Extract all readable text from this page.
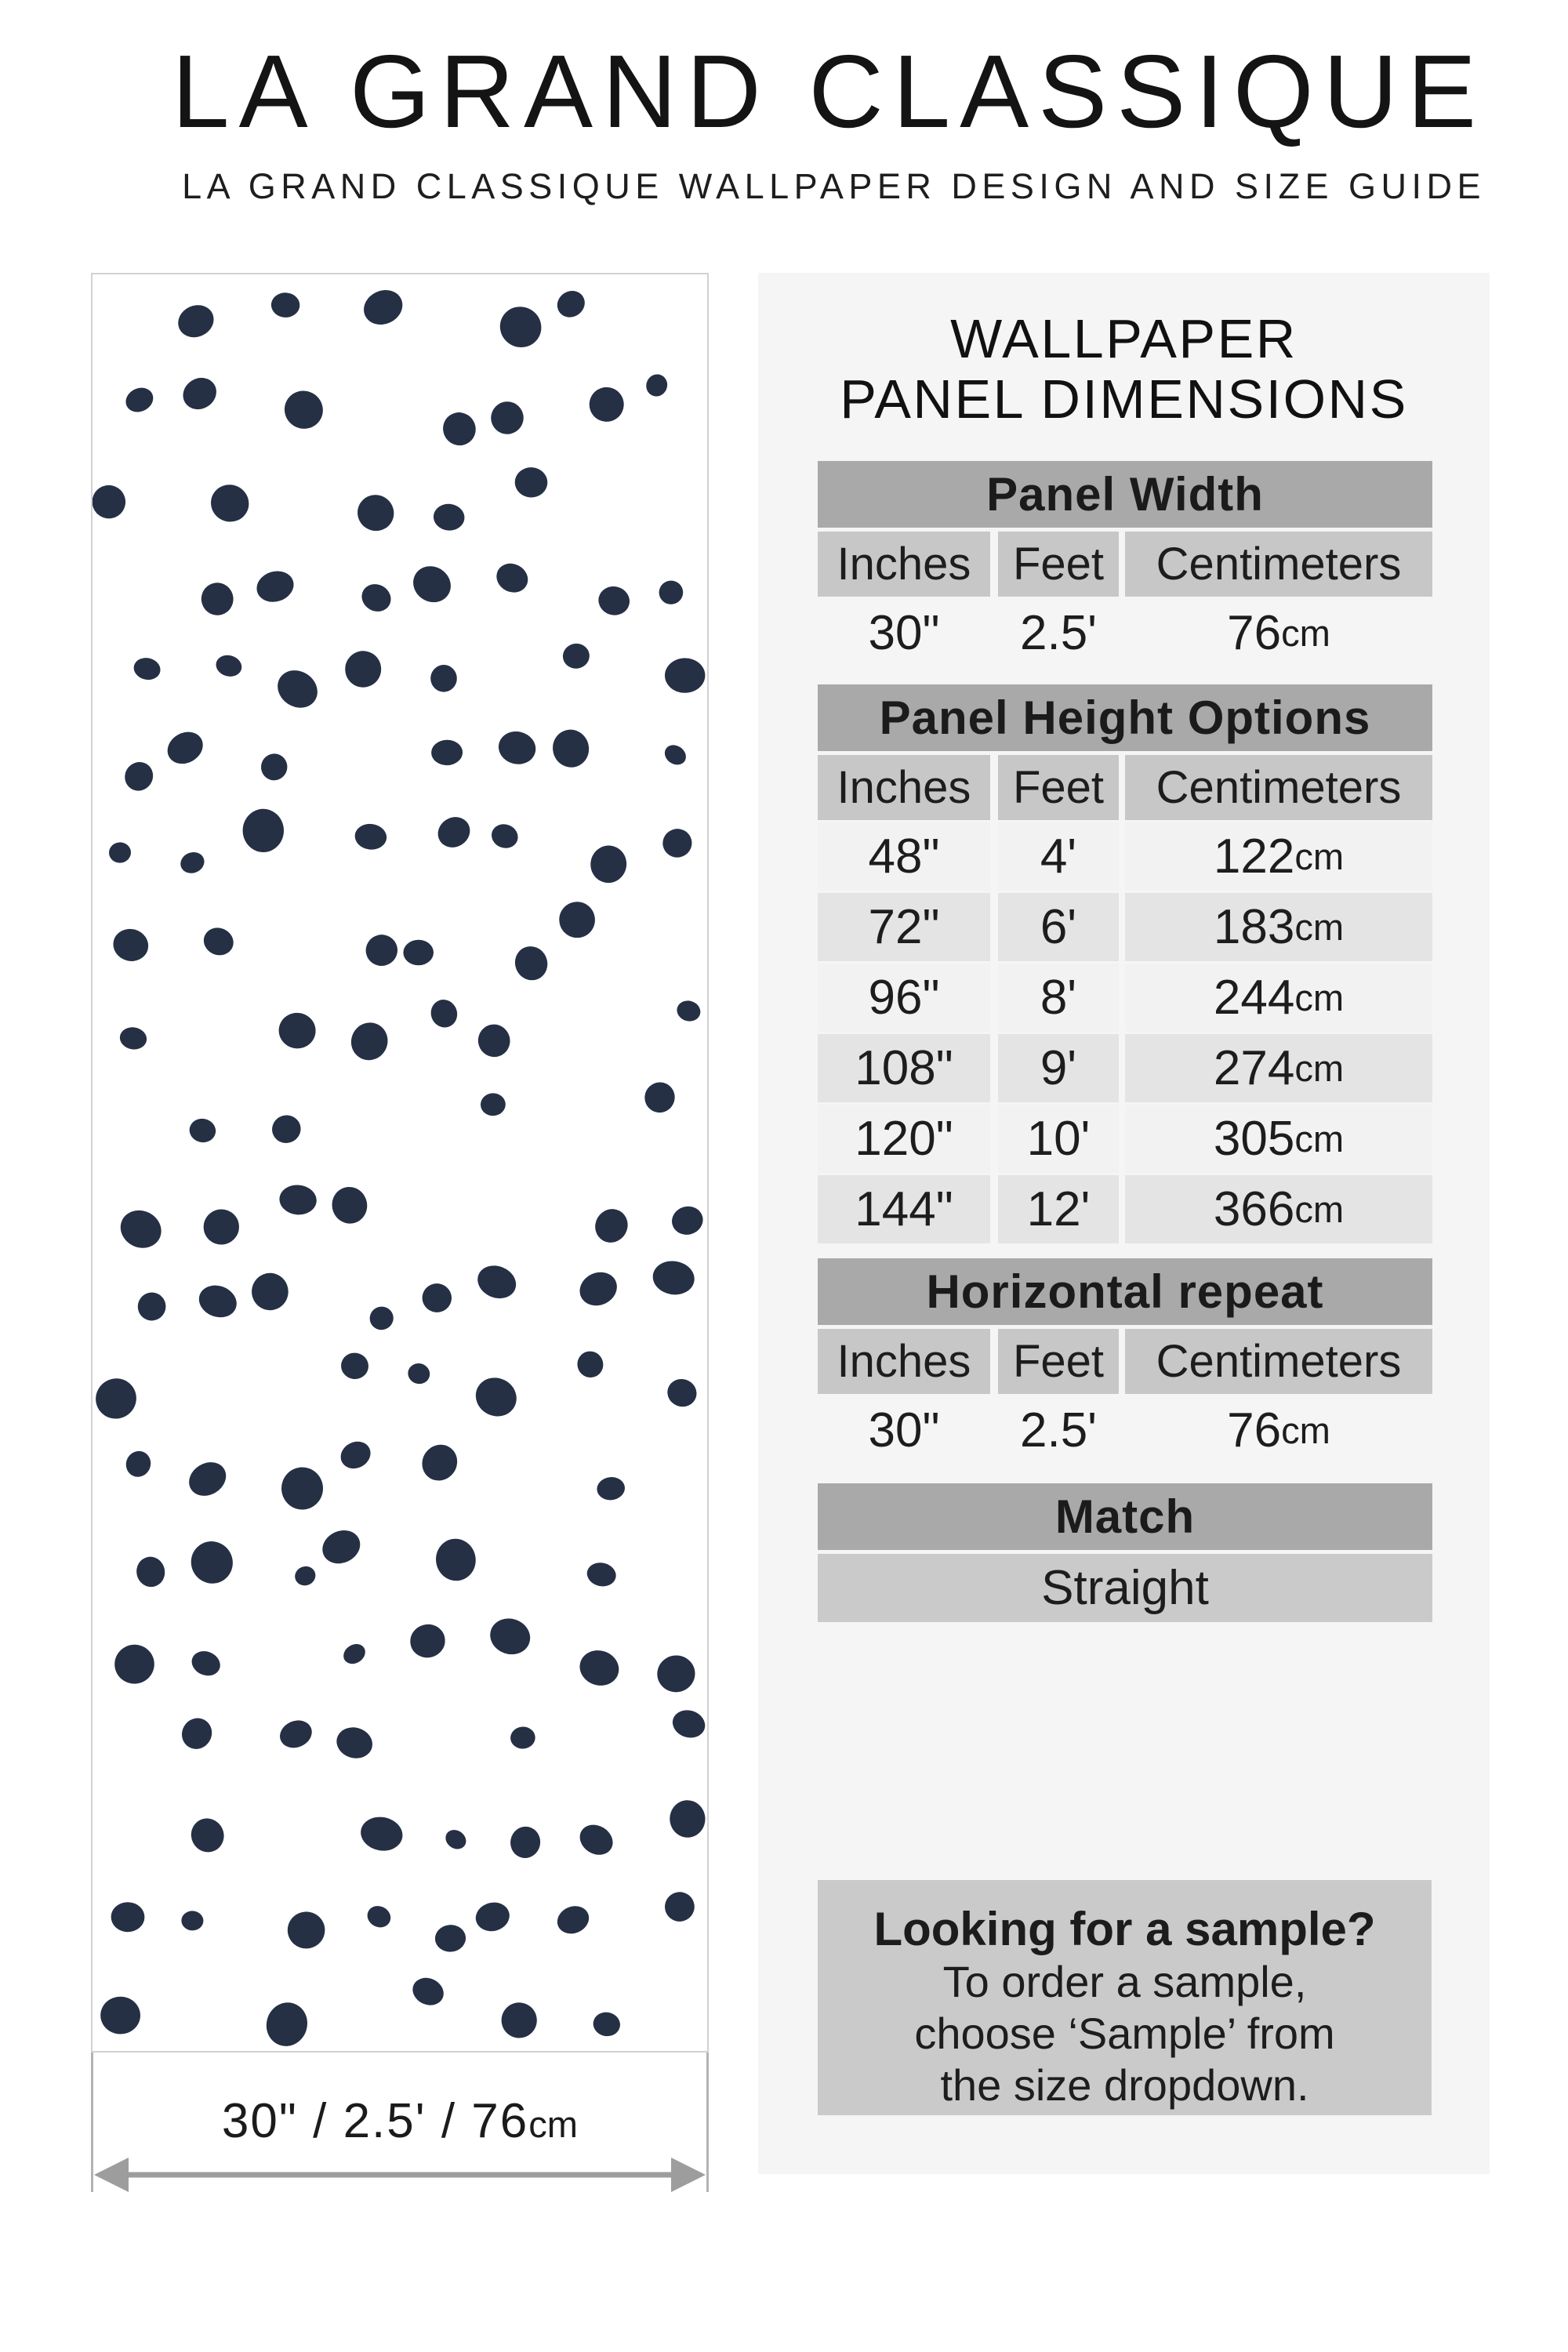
LA GRAND CLASSIQUE
LA GRAND CLASSIQUE WALLPAPER DESIGN AND SIZE GUIDE
30" / 2.5' / 76cm
WALLPAPER
PANEL DIMENSIONS
Panel Width
Inches Feet	Centimeters
30"	2.5'	76 cm
Panel Height Options
Inches Feet	Centimeters
48"	4'	122 cm
72"	6'	183 cm
96"	8'	244 cm
108"	9'	274 cm
120"	10'	305 cm
144"	12'	366 cm
Horizontal repeat
Inches Feet	Centimeters
30"	2.5'	76 cm
Match
Straight
Looking for a sample?
To order a sample,
choose ‘Sample’ from
the size dropdown.
